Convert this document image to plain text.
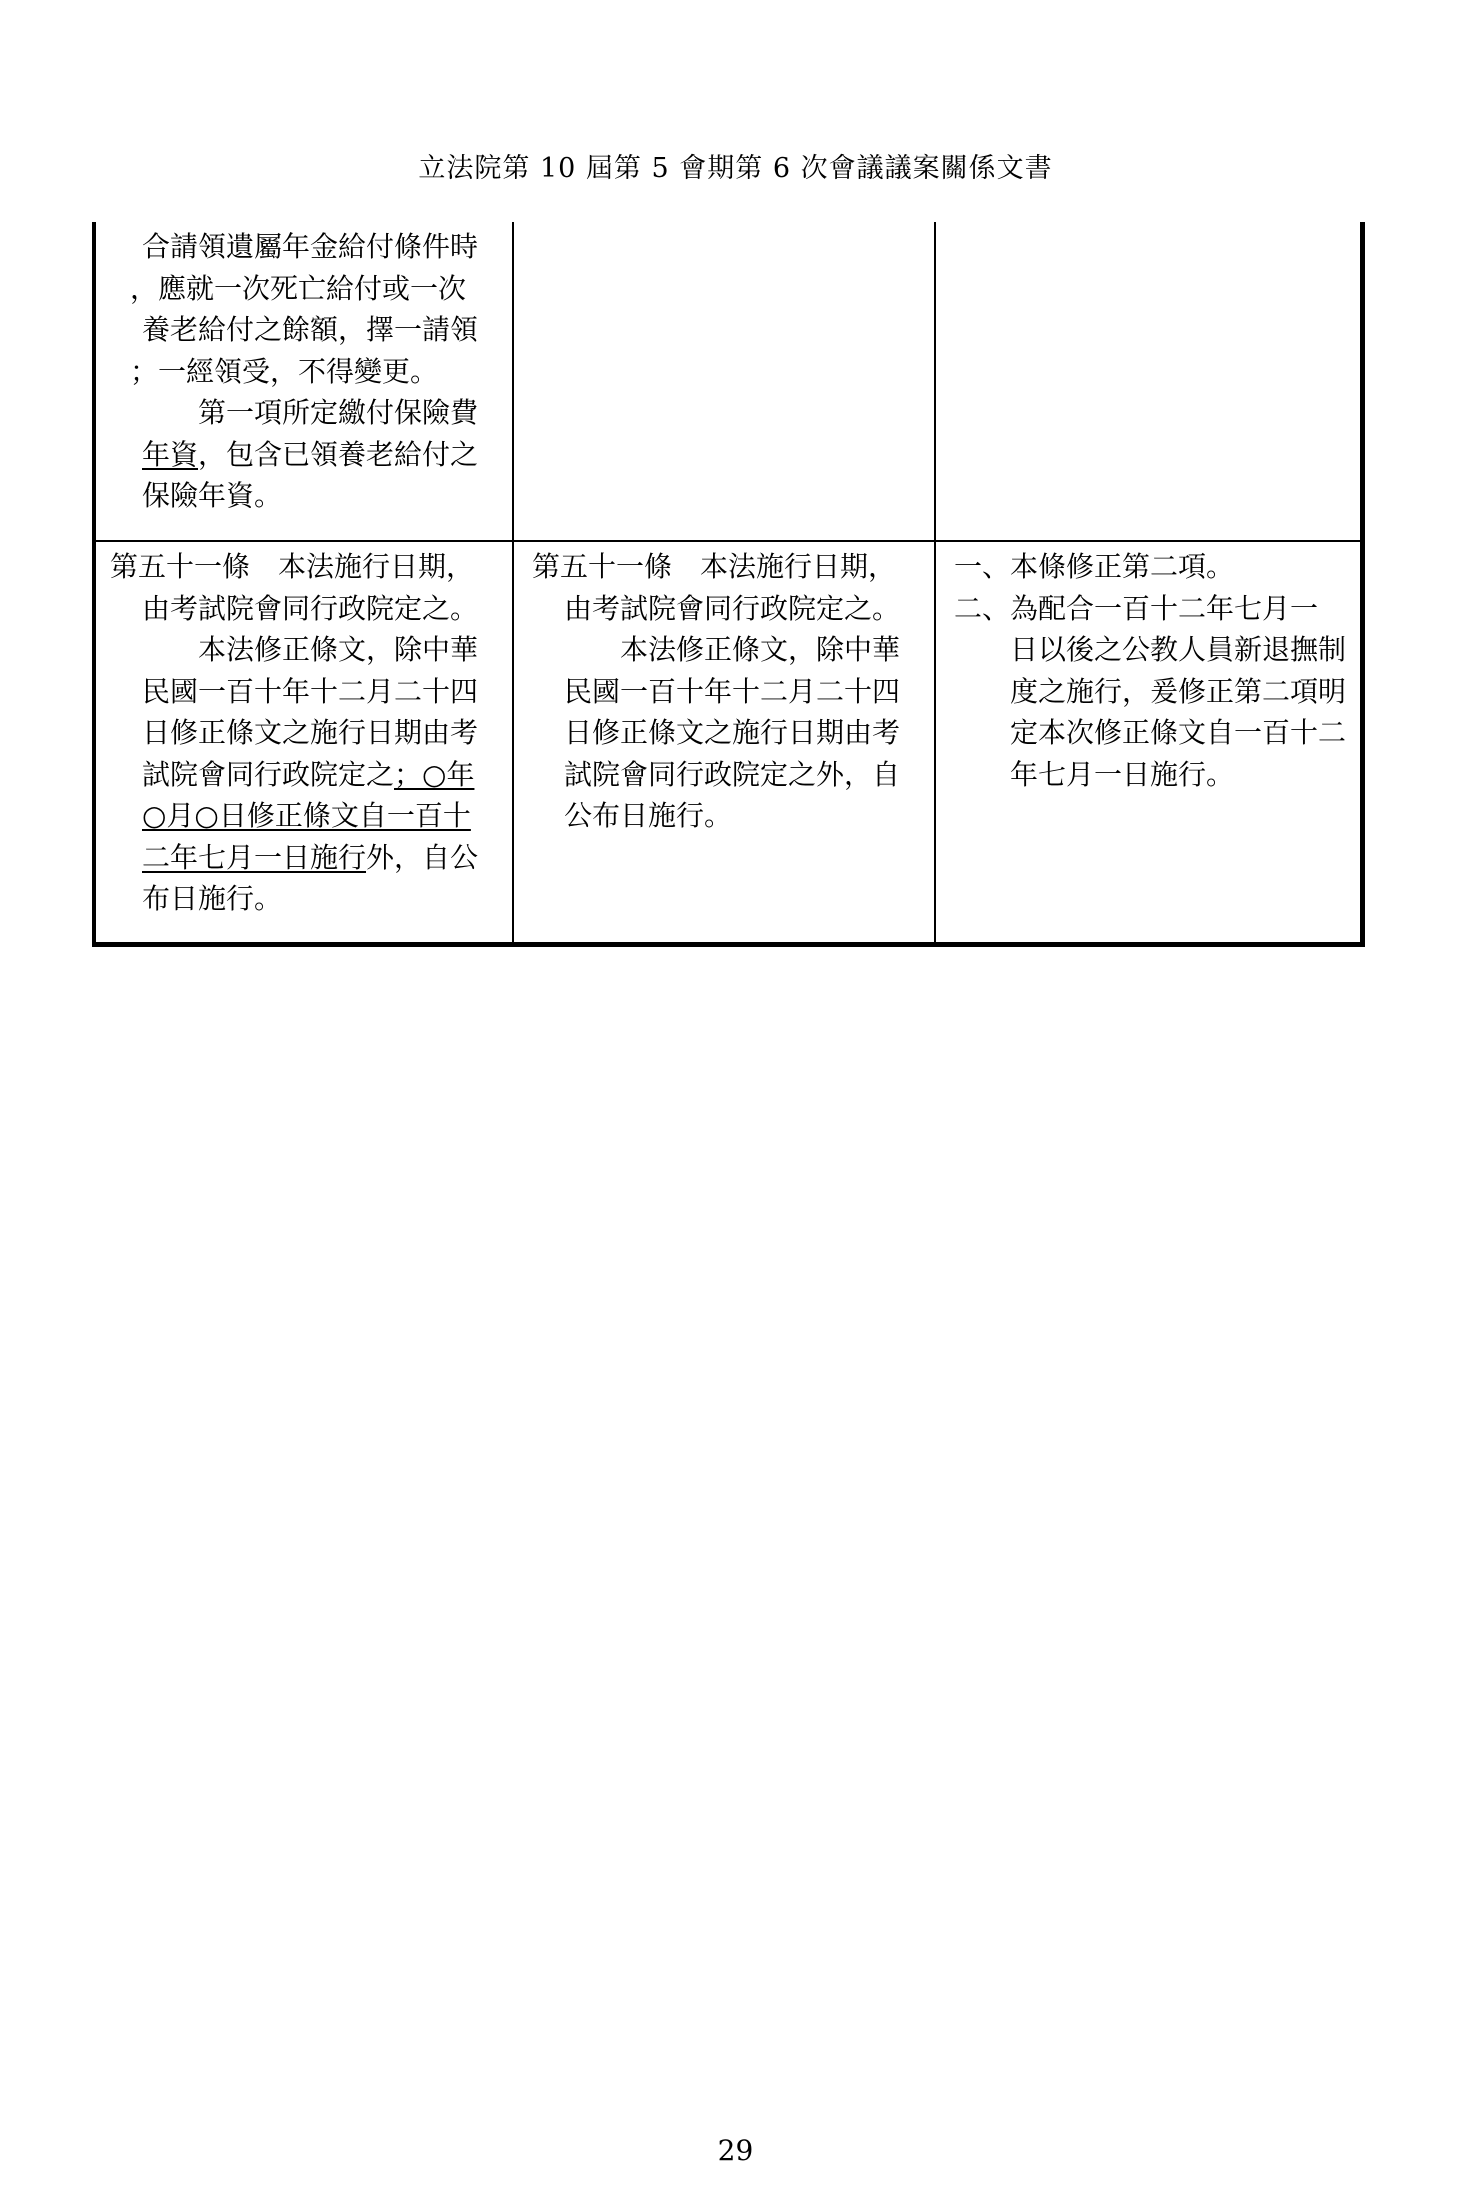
立法院第 10 屆第 5 會期第 6 次會議議案關係文書
合請領遺屬年金給付條件時
，應就一次死亡給付或一次
養老給付之餘額，擇一請領
；一經領受，不得變更。
第一項所定繳付保險費
年資，包含已領養老給付之
保險年資。
第五十一條　本法施行日期，
由考試院會同行政院定之。
本法修正條文，除中華
民國一百十年十二月二十四
日修正條文之施行日期由考
試院會同行政院定之；○年
○月○日修正條文自一百十
二年七月一日施行外，自公
布日施行。
第五十一條　本法施行日期，
由考試院會同行政院定之。
本法修正條文，除中華
民國一百十年十二月二十四
日修正條文之施行日期由考
試院會同行政院定之外，自
公布日施行。
一、本條修正第二項。
二、為配合一百十二年七月一
日以後之公教人員新退撫制
度之施行，爰修正第二項明
定本次修正條文自一百十二
年七月一日施行。
29
